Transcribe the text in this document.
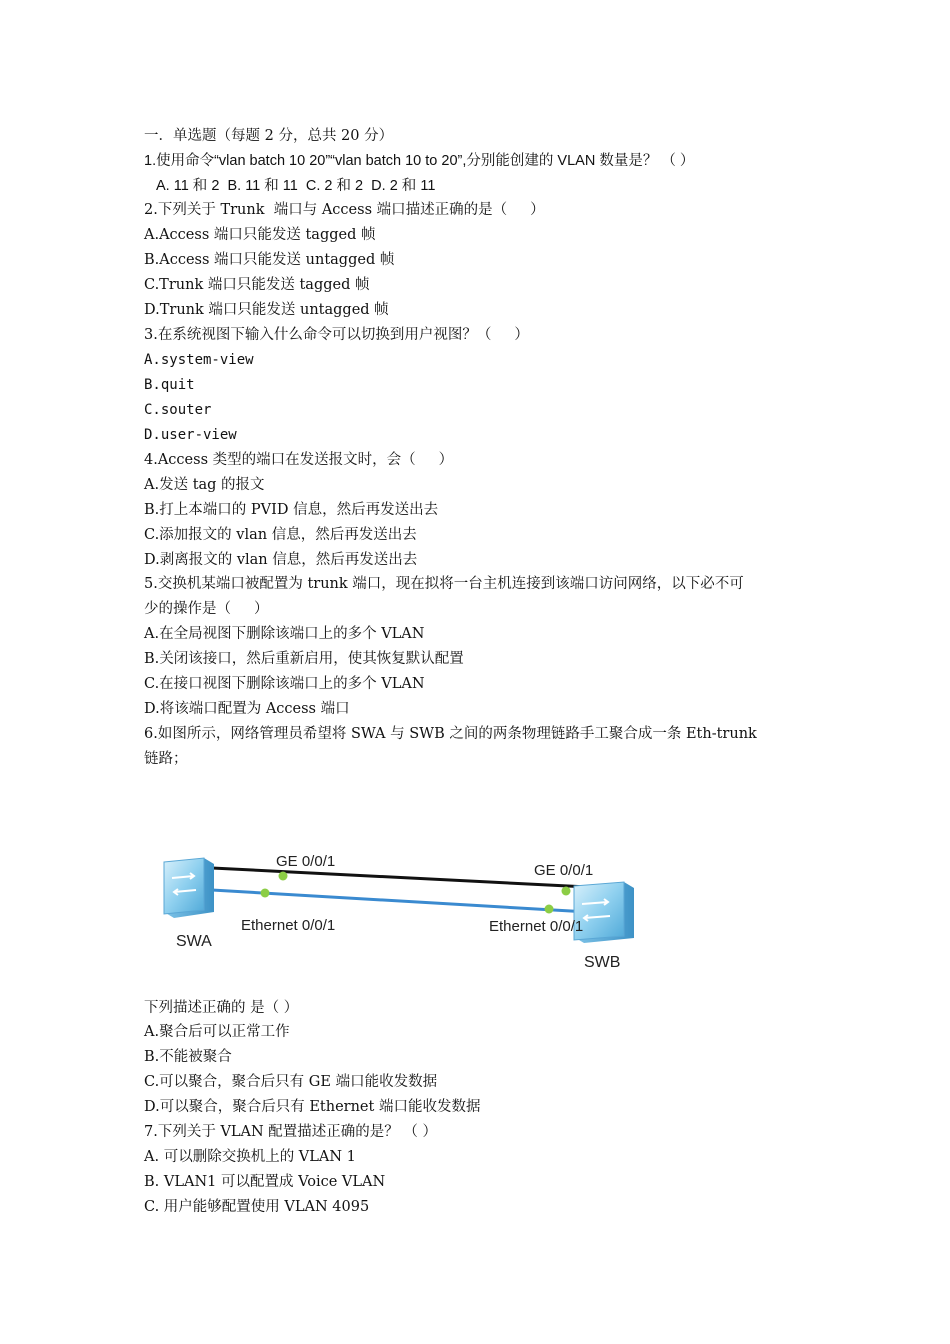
一．单选题（每题 2 分，总共 20 分）
1.使用命令“vlan batch 10 20”“vlan batch 10 to 20”,分别能创建的 VLAN 数量是？ （ ）
A. 11 和 2  B. 11 和 11  C. 2 和 2  D. 2 和 11
2.下列关于 Trunk  端口与 Access 端口描述正确的是（     ）
A.Access 端口只能发送 tagged 帧
B.Access 端口只能发送 untagged 帧
C.Trunk 端口只能发送 tagged 帧
D.Trunk 端口只能发送 untagged 帧
3.在系统视图下输入什么命令可以切换到用户视图？（     ）
A.system-view
B.quit
C.souter
D.user-view
4.Access 类型的端口在发送报文时，会（     ）
A.发送 tag 的报文
B.打上本端口的 PVID 信息，然后再发送出去
C.添加报文的 vlan 信息，然后再发送出去
D.剥离报文的 vlan 信息，然后再发送出去
5.交换机某端口被配置为 trunk 端口，现在拟将一台主机连接到该端口访问网络，以下必不可
少的操作是（     ）
A.在全局视图下删除该端口上的多个 VLAN
B.关闭该接口，然后重新启用，使其恢复默认配置
C.在接口视图下删除该端口上的多个 VLAN
D.将该端口配置为 Access 端口
6.如图所示，网络管理员希望将 SWA 与 SWB 之间的两条物理链路手工聚合成一条 Eth-trunk
链路；
GE 0/0/1
GE 0/0/1
Ethernet 0/0/1	Ethernet 0/0/1
SWA
SWB
下列描述正确的 是（ ）
A.聚合后可以正常工作
B.不能被聚合
C.可以聚合，聚合后只有 GE 端口能收发数据
D.可以聚合，聚合后只有 Ethernet 端口能收发数据
7.下列关于 VLAN 配置描述正确的是？ （ ）
A. 可以删除交换机上的 VLAN 1
B. VLAN1 可以配置成 Voice VLAN
C. 用户能够配置使用 VLAN 4095
